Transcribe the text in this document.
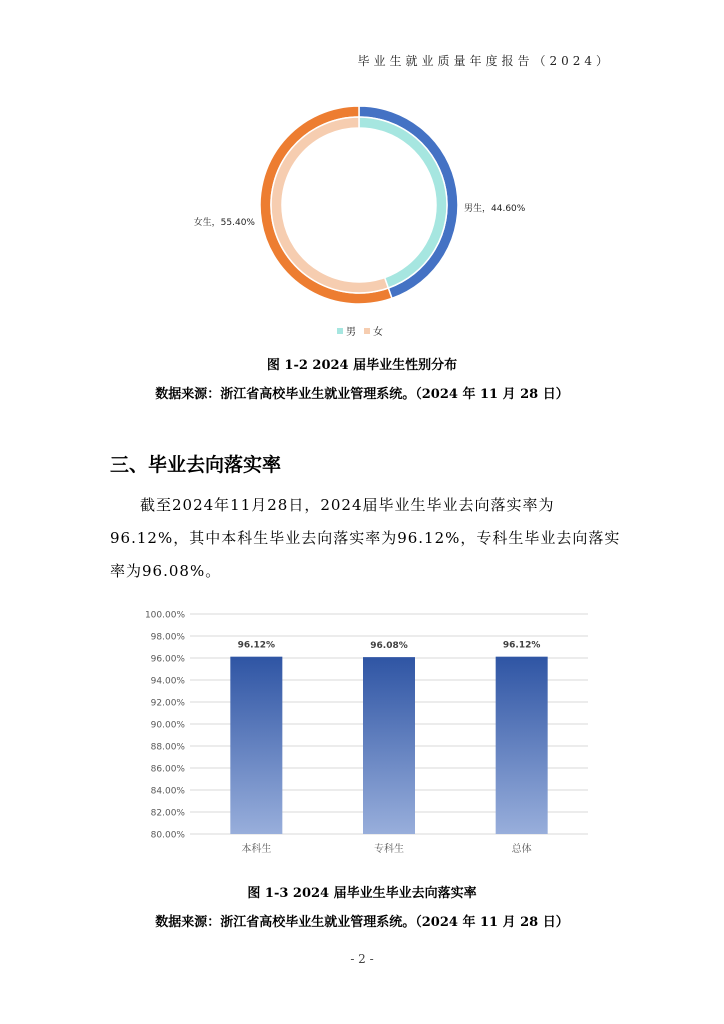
毕业生就业质量年度报告（2024）
男生，44.60%
女生，55.40%
男 女
图 1-2 2024 届毕业生性别分布
数据来源：浙江省高校毕业生就业管理系统。（2024 年 11 月 28 日）
三、毕业去向落实率
截至2024年11月28日，2024届毕业生毕业去向落实率为96.12%，其中本科生毕业去向落实率为96.12%，专科生毕业去向落实率为96.08%。
80.00%
82.00%
84.00%
86.00%
88.00%
90.00%
92.00%
94.00%
96.00%
98.00%
100.00%
96.12%
本科生
96.08%
专科生
96.12%
总体
图 1-3 2024 届毕业生毕业去向落实率
数据来源：浙江省高校毕业生就业管理系统。（2024 年 11 月 28 日）
- 2 -
